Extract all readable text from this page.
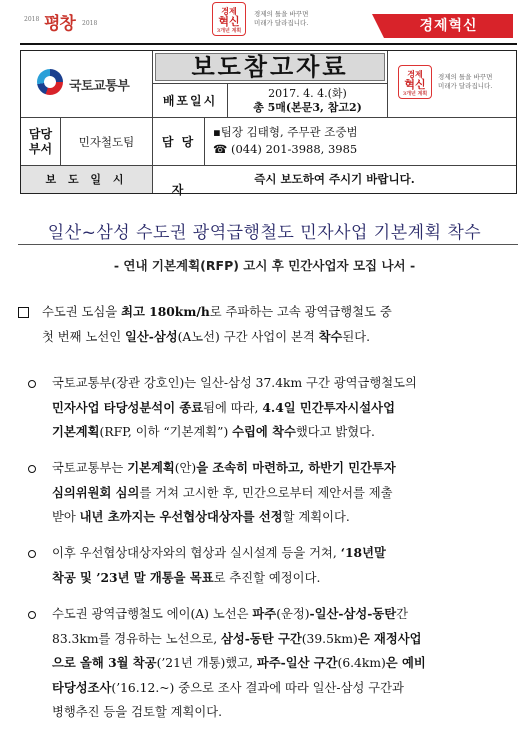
2018 평창 2018
경제
혁신
3개년 계획
경제의 틀을 바꾸면
미래가 달라집니다.	경제혁신
국토교통부
보도참고자료
배포일시
2017. 4. 4.(화)
총 5매(본문3, 참고2)
경제
혁신
3개년 계획
경제의 틀을 바꾸면
미래가 달라집니다.
담당
부서	민자철도팀	담 당 자
▪팀장 김태형, 주무관 조중범
☎ (044) 201-3988, 3985
보 도 일 시	즉시 보도하여 주시기 바랍니다.
일산~삼성 수도권 광역급행철도 민자사업 기본계획 착수
- 연내 기본계획(RFP) 고시 후 민간사업자 모집 나서 -
수도권 도심을 최고 180km/h로 주파하는 고속 광역급행철도 중
첫 번째 노선인 일산-삼성(A노선) 구간 사업이 본격 착수된다.
국토교통부(장관 강호인)는 일산-삼성 37.4km 구간 광역급행철도의
민자사업 타당성분석이 종료됨에 따라, 4.4일 민간투자시설사업
기본계획(RFP, 이하 “기본계획”) 수립에 착수했다고 밝혔다.
국토교통부는 기본계획(안)을 조속히 마련하고, 하반기 민간투자
심의위원회 심의를 거쳐 고시한 후, 민간으로부터 제안서를 제출
받아 내년 초까지는 우선협상대상자를 선정할 계획이다.
이후 우선협상대상자와의 협상과 실시설계 등을 거쳐, ‘18년말
착공 및 ’23년 말 개통을 목표로 추진할 예정이다.
수도권 광역급행철도 에이(A) 노선은 파주(운정)-일산-삼성-동탄간
83.3km를 경유하는 노선으로, 삼성-동탄 구간(39.5km)은 재정사업
으로 올해 3월 착공(’21년 개통)했고, 파주-일산 구간(6.4km)은 예비
타당성조사(’16.12.~) 중으로 조사 결과에 따라 일산-삼성 구간과
병행추진 등을 검토할 계획이다.
